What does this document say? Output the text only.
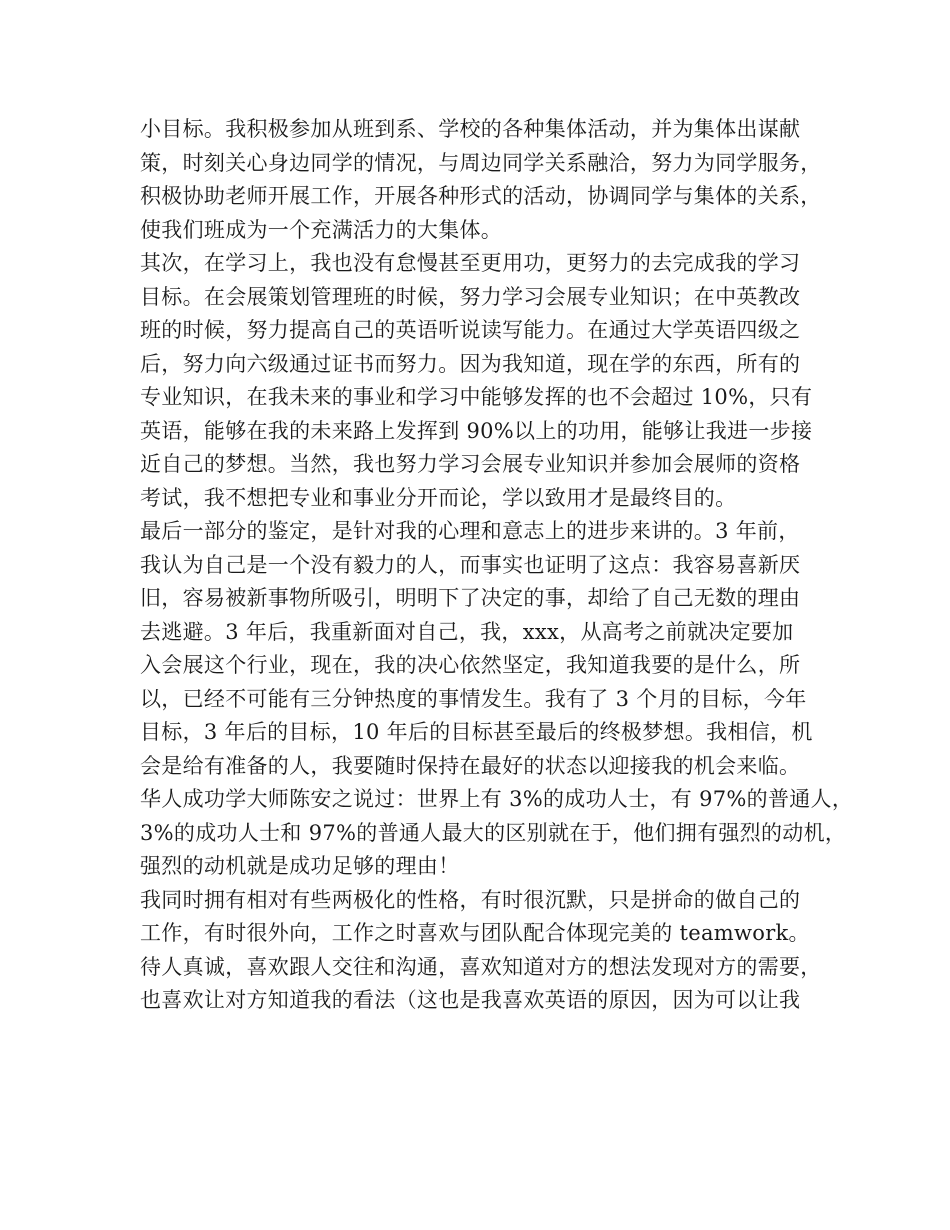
小目标。我积极参加从班到系、学校的各种集体活动，并为集体出谋献
策，时刻关心身边同学的情况，与周边同学关系融洽，努力为同学服务，
积极协助老师开展工作，开展各种形式的活动，协调同学与集体的关系，
使我们班成为一个充满活力的大集体。
其次，在学习上，我也没有怠慢甚至更用功，更努力的去完成我的学习
目标。在会展策划管理班的时候，努力学习会展专业知识；在中英教改
班的时候，努力提高自己的英语听说读写能力。在通过大学英语四级之
后，努力向六级通过证书而努力。因为我知道，现在学的东西，所有的
专业知识，在我未来的事业和学习中能够发挥的也不会超过 10%，只有
英语，能够在我的未来路上发挥到 90%以上的功用，能够让我进一步接
近自己的梦想。当然，我也努力学习会展专业知识并参加会展师的资格
考试，我不想把专业和事业分开而论，学以致用才是最终目的。
最后一部分的鉴定，是针对我的心理和意志上的进步来讲的。3 年前，
我认为自己是一个没有毅力的人，而事实也证明了这点：我容易喜新厌
旧，容易被新事物所吸引，明明下了决定的事，却给了自己无数的理由
去逃避。3 年后，我重新面对自己，我，xxx，从高考之前就决定要加
入会展这个行业，现在，我的决心依然坚定，我知道我要的是什么，所
以，已经不可能有三分钟热度的事情发生。我有了 3 个月的目标，今年
目标，3 年后的目标，10 年后的目标甚至最后的终极梦想。我相信，机
会是给有准备的人，我要随时保持在最好的状态以迎接我的机会来临。
华人成功学大师陈安之说过：世界上有 3%的成功人士，有 97%的普通人，
3%的成功人士和 97%的普通人最大的区别就在于，他们拥有强烈的动机，
强烈的动机就是成功足够的理由！
我同时拥有相对有些两极化的性格，有时很沉默，只是拼命的做自己的
工作，有时很外向，工作之时喜欢与团队配合体现完美的 teamwork。
待人真诚，喜欢跟人交往和沟通，喜欢知道对方的想法发现对方的需要，
也喜欢让对方知道我的看法（这也是我喜欢英语的原因，因为可以让我
